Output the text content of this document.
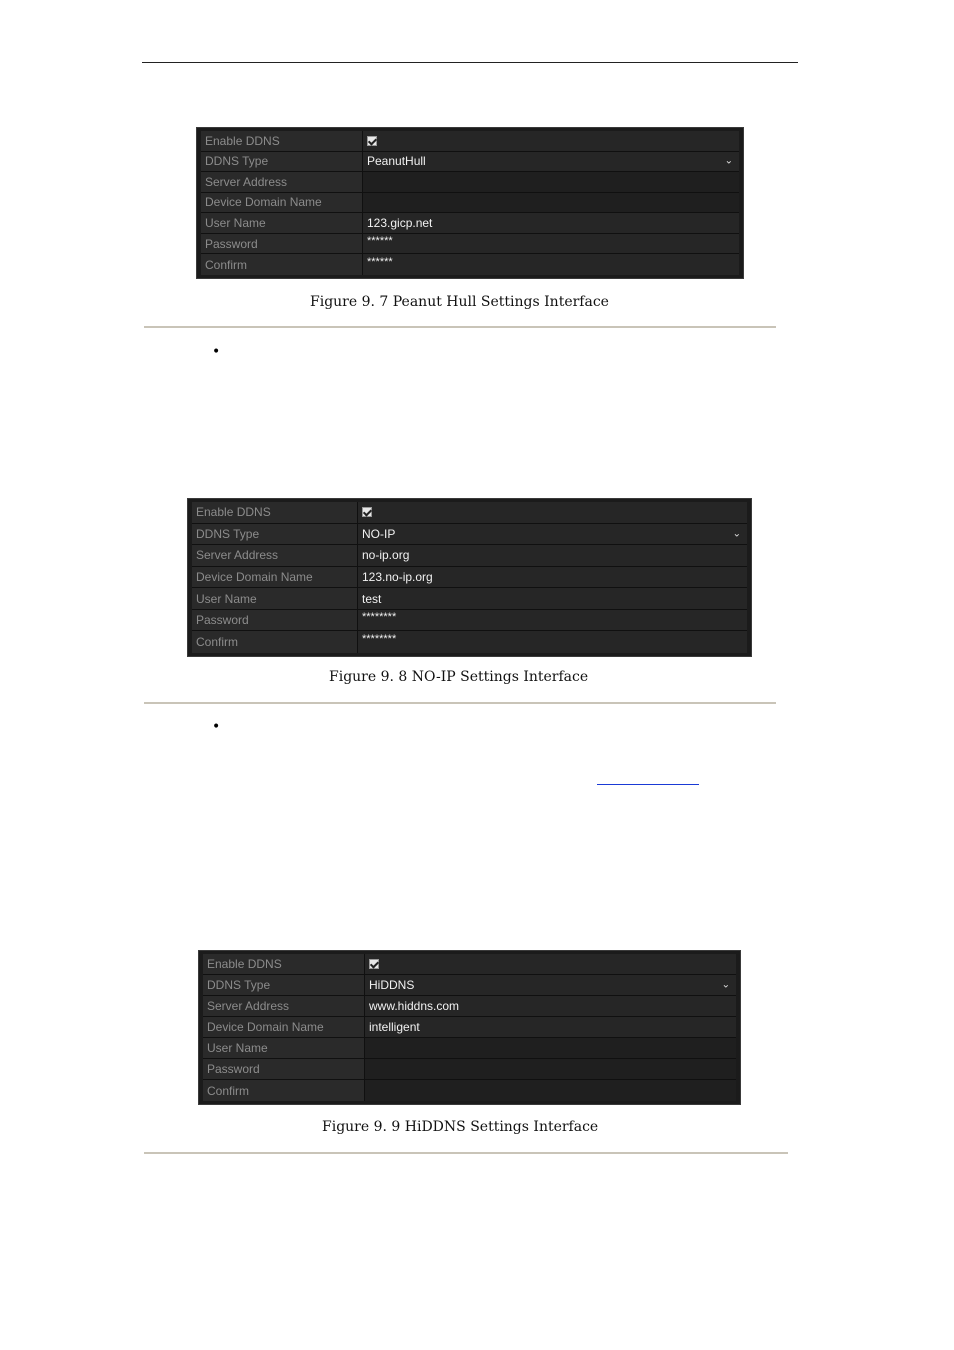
Enable DDNS
DDNS Type	PeanutHull	⌄
Server Address
Device Domain Name
User Name	123.gicp.net
Password	******
Confirm	******
Figure 9. 7 Peanut Hull Settings Interface
•
Enable DDNS
DDNS Type	NO-IP	⌄
Server Address	no-ip.org
Device Domain Name	123.no-ip.org
User Name	test
Password	********
Confirm	********
Figure 9. 8 NO-IP Settings Interface
•
Enable DDNS
DDNS Type	HiDDNS	⌄
Server Address	www.hiddns.com
Device Domain Name	intelligent
User Name
Password
Confirm
Figure 9. 9 HiDDNS Settings Interface
